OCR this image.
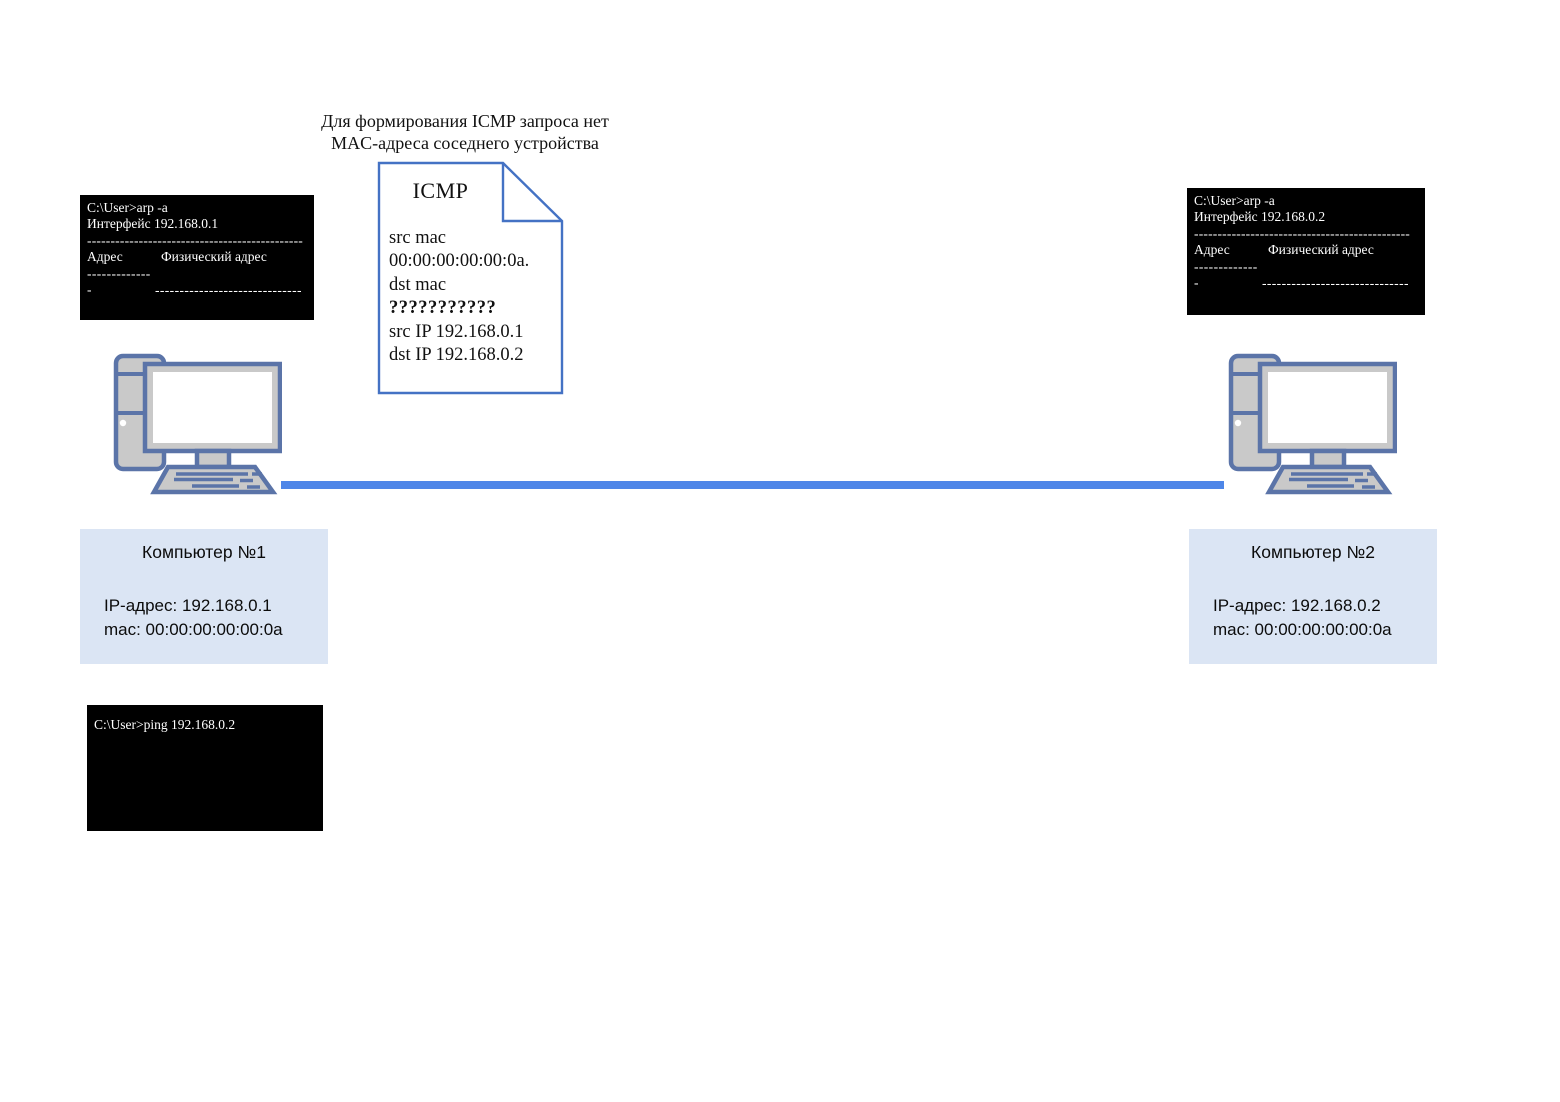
Для формирования ICMP запроса нет
MAC-адреса соседнего устройства
ICMP
src mac
00:00:00:00:00:0a.
dst mac
???????????
src IP 192.168.0.1
dst IP 192.168.0.2
C:\User>arp -a
Интерфейс 192.168.0.1
----------------------------------------------
Адрес	Физический адрес
--------------	------------------------------
C:\User>arp -a
Интерфейс 192.168.0.2
----------------------------------------------
Адрес	Физический адрес
--------------	------------------------------
Компьютер №1
IP-адрес: 192.168.0.1
mac: 00:00:00:00:00:0a
Компьютер №2
IP-адрес: 192.168.0.2
mac: 00:00:00:00:00:0a
C:\User>ping 192.168.0.2
